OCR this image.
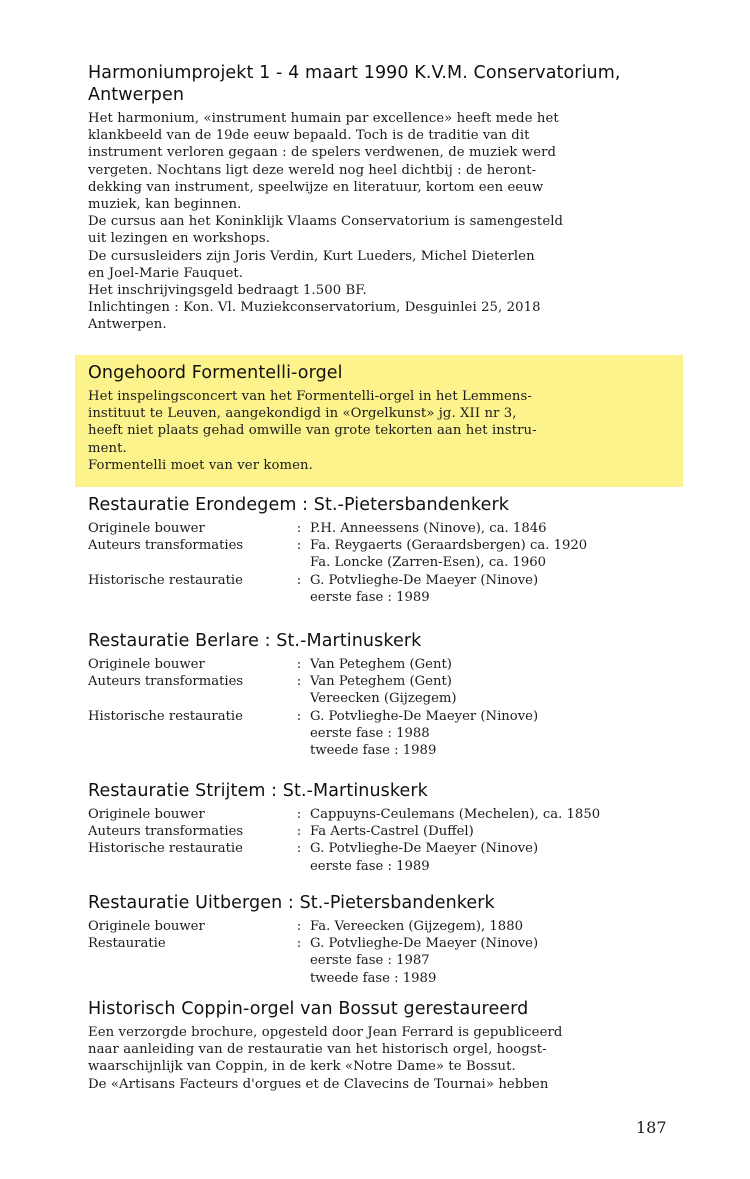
Harmoniumprojekt 1 - 4 maart 1990 K.V.M. Conservatorium,
Antwerpen

Het harmonium, «instrument humain par excellence» heeft mede het

klankbeeld van de 19de eeuw bepaald. Toch is de traditie van dit

instrument verloren gegaan : de spelers verdwenen, de muziek werd

vergeten. Nochtans ligt deze wereld nog heel dichtbij : de heront-

dekking van instrument, speelwijze en literatuur, kortom een eeuw

muziek, kan beginnen.

De cursus aan het Koninklijk Vlaams Conservatorium is samengesteld

uit lezingen en workshops.

De cursusleiders zijn Joris Verdin, Kurt Lueders, Michel Dieterlen

en Joel-Marie Fauquet.

Het inschrijvingsgeld bedraagt 1.500 BF.

Inlichtingen : Kon. Vl. Muziekconservatorium, Desguinlei 25, 2018

Antwerpen.

Ongehoord Formentelli-orgel

Het inspelingsconcert van het Formentelli-orgel in het Lemmens-

instituut te Leuven, aangekondigd in «Orgelkunst» jg. XII nr 3,

heeft niet plaats gehad omwille van grote tekorten aan het instru-

ment.

Formentelli moet van ver komen.

Restauratie Erondegem : St.-Pietersbandenkerk
Originele bouwer	: P.H. Anneessens (Ninove), ca. 1846
Auteurs transformaties	: Fa. Reygaerts (Geraardsbergen) ca. 1920
Fa. Loncke (Zarren-Esen), ca. 1960
Historische restauratie	: G. Potvlieghe-De Maeyer (Ninove)
eerste fase : 1989
Restauratie Berlare : St.-Martinuskerk
Originele bouwer	: Van Peteghem (Gent)
Auteurs transformaties	: Van Peteghem (Gent)
Vereecken (Gijzegem)
Historische restauratie	: G. Potvlieghe-De Maeyer (Ninove)
eerste fase : 1988
tweede fase : 1989
Restauratie Strijtem : St.-Martinuskerk
Originele bouwer	: Cappuyns-Ceulemans (Mechelen), ca. 1850
Auteurs transformaties	: Fa Aerts-Castrel (Duffel)
Historische restauratie	: G. Potvlieghe-De Maeyer (Ninove)
eerste fase : 1989
Restauratie Uitbergen : St.-Pietersbandenkerk
Originele bouwer	: Fa. Vereecken (Gijzegem), 1880
Restauratie	: G. Potvlieghe-De Maeyer (Ninove)
eerste fase : 1987
tweede fase : 1989
Historisch Coppin-orgel van Bossut gerestaureerd

Een verzorgde brochure, opgesteld door Jean Ferrard is gepubliceerd

naar aanleiding van de restauratie van het historisch orgel, hoogst-

waarschijnlijk van Coppin, in de kerk «Notre Dame» te Bossut.

De «Artisans Facteurs d'orgues et de Clavecins de Tournai» hebben

187
